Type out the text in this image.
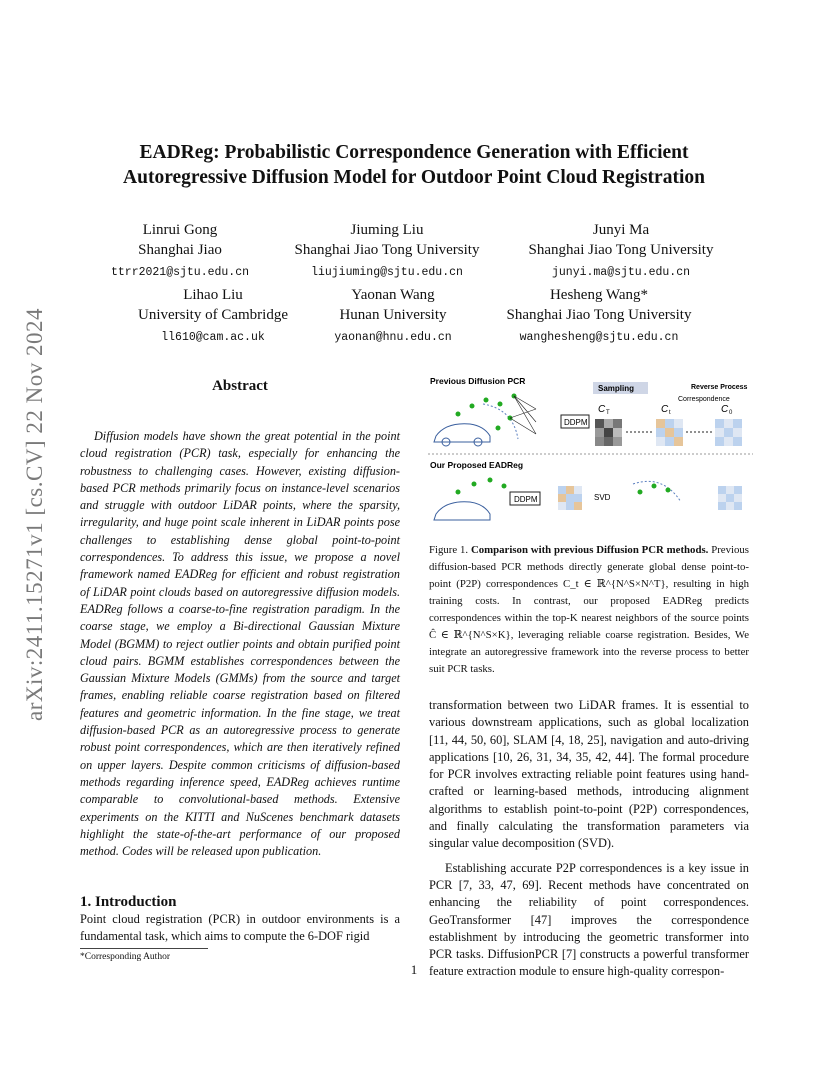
arXiv:2411.15271v1 [cs.CV] 22 Nov 2024
EADReg: Probabilistic Correspondence Generation with Efficient
Autoregressive Diffusion Model for Outdoor Point Cloud Registration
Linrui Gong
Shanghai Jiao
ttrr2021@sjtu.edu.cn
Jiuming Liu
Shanghai Jiao Tong University
liujiuming@sjtu.edu.cn
Junyi Ma
Shanghai Jiao Tong University
junyi.ma@sjtu.edu.cn
Lihao Liu
University of Cambridge
ll610@cam.ac.uk
Yaonan Wang
Hunan University
yaonan@hnu.edu.cn
Hesheng Wang*
Shanghai Jiao Tong University
wanghesheng@sjtu.edu.cn
Abstract
Diffusion models have shown the great potential in the point cloud registration (PCR) task, especially for enhancing the robustness to challenging cases. However, existing diffusion-based PCR methods primarily focus on instance-level scenarios and struggle with outdoor LiDAR points, where the sparsity, irregularity, and huge point scale inherent in LiDAR points pose challenges to establishing dense global point-to-point correspondences. To address this issue, we propose a novel framework named EADReg for efficient and robust registration of LiDAR point clouds based on autoregressive diffusion models. EADReg follows a coarse-to-fine registration paradigm. In the coarse stage, we employ a Bi-directional Gaussian Mixture Model (BGMM) to reject outlier points and obtain purified point cloud pairs. BGMM establishes correspondences between the Gaussian Mixture Models (GMMs) from the source and target frames, enabling reliable coarse registration based on filtered features and geometric information. In the fine stage, we treat diffusion-based PCR as an autoregressive process to generate robust point correspondences, which are then iteratively refined on upper layers. Despite common criticisms of diffusion-based methods regarding inference speed, EADReg achieves runtime comparable to convolutional-based methods. Extensive experiments on the KITTI and NuScenes benchmark datasets highlight the state-of-the-art performance of our proposed method. Codes will be released upon publication.
1. Introduction
Point cloud registration (PCR) in outdoor environments is a fundamental task, which aims to compute the 6-DOF rigid
*Corresponding Author
Previous Diffusion PCR
Our Proposed EADReg
DDPM
Sampling	Reverse Process
Correspondence
C T	C t	C 0
DDPM	SVD
Figure 1. Comparison with previous Diffusion PCR methods. Previous diffusion-based PCR methods directly generate global dense point-to-point (P2P) correspondences C_t ∈ ℝ^{N^S×N^T}, resulting in high training costs. In contrast, our proposed EADReg predicts correspondences within the top-K nearest neighbors of the source points Ĉ ∈ ℝ^{N^S×K}, leveraging reliable coarse registration. Besides, We integrate an autoregressive framework into the reverse process to better suit PCR tasks.

transformation between two LiDAR frames. It is essential to various downstream applications, such as global localization [11, 44, 50, 60], SLAM [4, 18, 25], navigation and auto-driving applications [10, 26, 31, 34, 35, 42, 44]. The formal procedure for PCR involves extracting reliable point features using hand-crafted or learning-based methods, introducing alignment algorithms to establish point-to-point (P2P) correspondences, and finally calculating the transformation parameters via singular value decomposition (SVD).

Establishing accurate P2P correspondences is a key issue in PCR [7, 33, 47, 69]. Recent methods have concentrated on enhancing the reliability of point correspondences. GeoTransformer [47] improves the correspondence establishment by introducing the geometric transformer into PCR tasks. DiffusionPCR [7] constructs a powerful transformer feature extraction module to ensure high-quality correspon-

1
